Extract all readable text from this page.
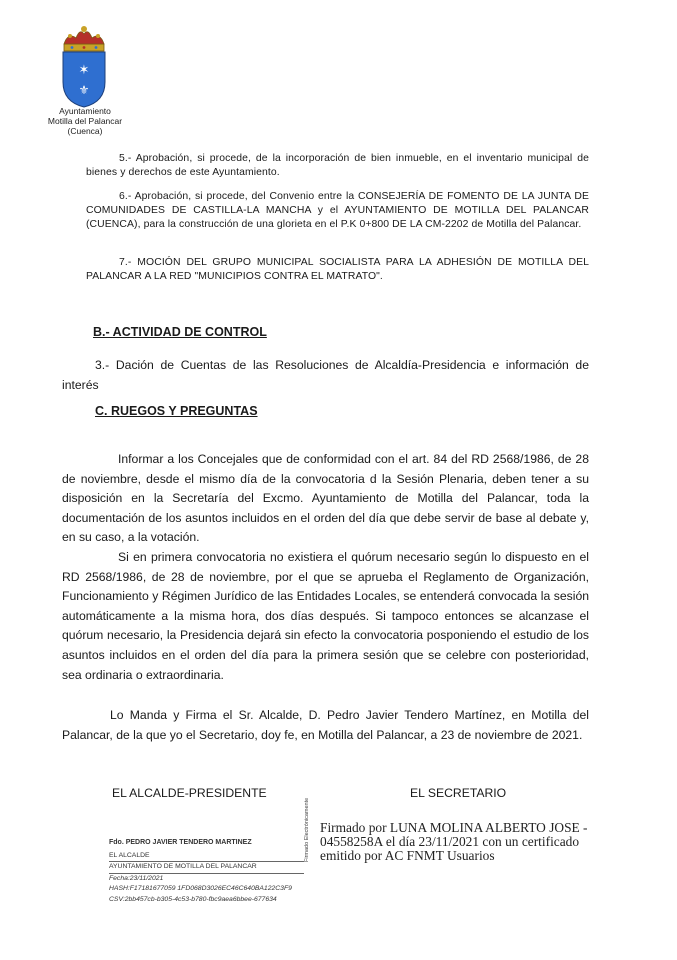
✶
⚜
Ayuntamiento
Motilla del Palancar
(Cuenca)
5.- Aprobación, si procede, de la incorporación de bien inmueble, en el inventario municipal de bienes y derechos de este Ayuntamiento.
6.- Aprobación, si procede, del Convenio entre la CONSEJERÍA DE FOMENTO DE LA JUNTA DE COMUNIDADES DE CASTILLA-LA MANCHA y el AYUNTAMIENTO DE MOTILLA DEL PALANCAR (CUENCA), para la construcción de una glorieta en el P.K 0+800 DE LA CM-2202 de Motilla del Palancar.
7.- MOCIÓN DEL GRUPO MUNICIPAL SOCIALISTA PARA LA ADHESIÓN DE MOTILLA DEL PALANCAR A LA RED "MUNICIPIOS CONTRA EL MATRATO".
B.- ACTIVIDAD DE CONTROL
3.- Dación de Cuentas de las Resoluciones de Alcaldía-Presidencia e información de interés
C. RUEGOS Y PREGUNTAS
Informar a los Concejales que de conformidad con el art. 84 del RD 2568/1986, de 28 de noviembre, desde el mismo día de la convocatoria d la Sesión Plenaria, deben tener a su disposición en la Secretaría del Excmo. Ayuntamiento de Motilla del Palancar, toda la documentación de los asuntos incluidos en el orden del día que debe servir de base al debate y, en su caso, a la votación.
Si en primera convocatoria no existiera el quórum necesario según lo dispuesto en el RD 2568/1986, de 28 de noviembre, por el que se aprueba el Reglamento de Organización, Funcionamiento y Régimen Jurídico de las Entidades Locales, se entenderá convocada la sesión automáticamente a la misma hora, dos días después. Si tampoco entonces se alcanzase el quórum necesario, la Presidencia dejará sin efecto la convocatoria posponiendo el estudio de los asuntos incluidos en el orden del día para la primera sesión que se celebre con posterioridad, sea ordinaria o extraordinaria.
Lo Manda y Firma el Sr. Alcalde, D. Pedro Javier Tendero Martínez, en Motilla del Palancar, de la que yo el Secretario, doy fe, en Motilla del Palancar, a 23 de noviembre de 2021.
EL ALCALDE-PRESIDENTE	EL SECRETARIO
Fdo. PEDRO JAVIER TENDERO MARTINEZ
EL ALCALDE
AYUNTAMIENTO DE MOTILLA DEL PALANCAR
Fecha:23/11/2021
HASH:F17181677059 1FD068D3026EC46C640BA122C3F9
CSV:2bb457cb-b305-4c53-b780-fbc9aea6bbee-677634
Firmado Electrónicamente Firmado por LUNA MOLINA ALBERTO JOSE - 04558258A el día 23/11/2021 con un certificado emitido por AC FNMT Usuarios
